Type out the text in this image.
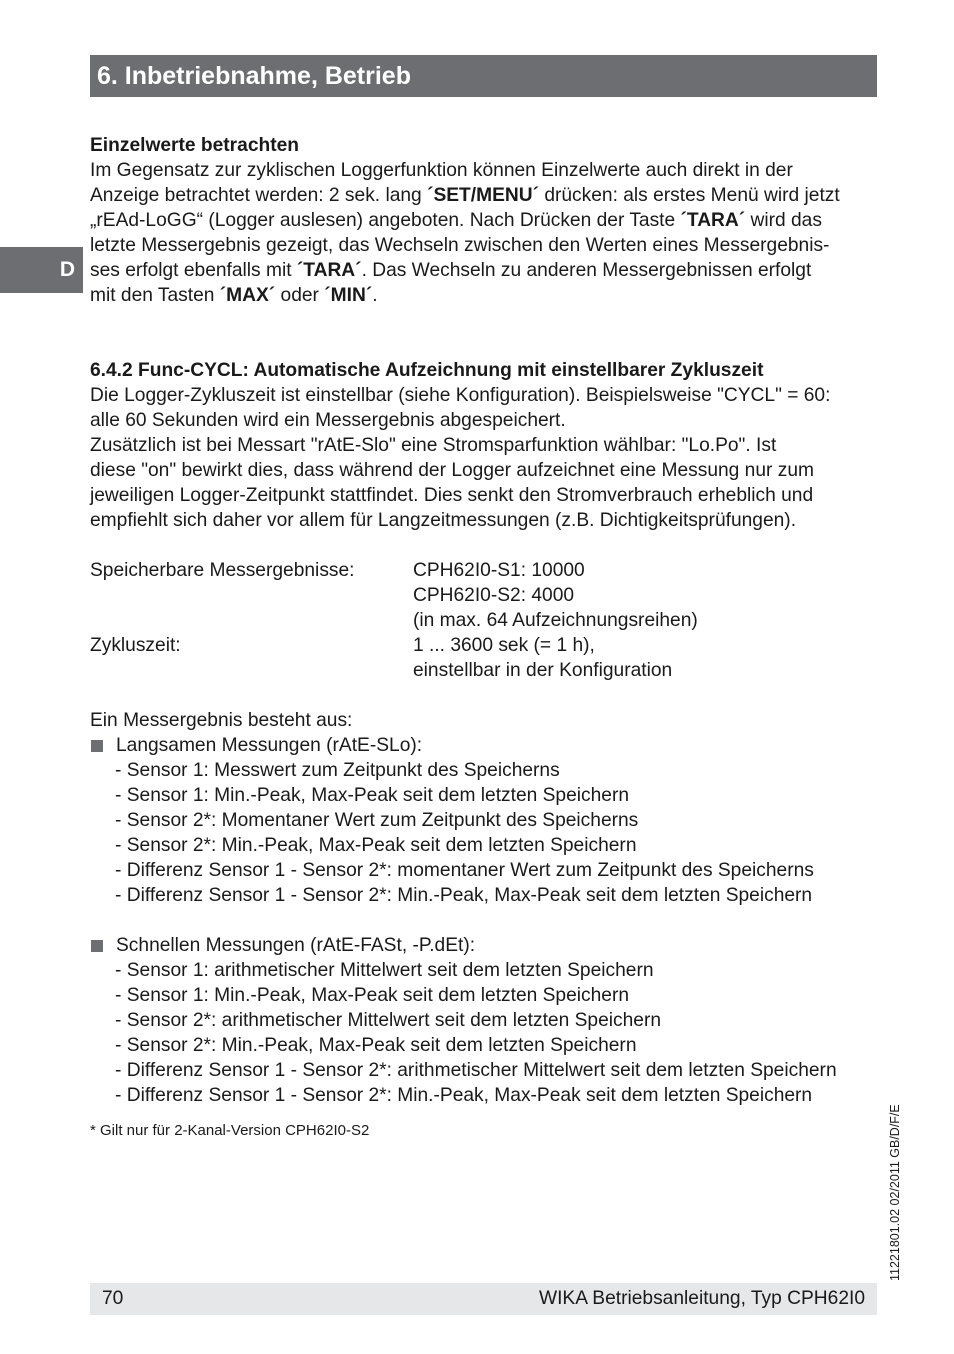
6. Inbetriebnahme, Betrieb
D

Einzelwerte betrachten

Im Gegensatz zur zyklischen Loggerfunktion können Einzelwerte auch direkt in der

Anzeige betrachtet werden: 2 sek. lang ´SET/MENU´ drücken: als erstes Menü wird jetzt

„rEAd-LoGG“ (Logger auslesen) angeboten. Nach Drücken der Taste ´TARA´ wird das

letzte Messergebnis gezeigt, das Wechseln zwischen den Werten eines Messergebnis-

ses erfolgt ebenfalls mit ´TARA´. Das Wechseln zu anderen Messergebnissen erfolgt

mit den Tasten ´MAX´ oder ´MIN´.

6.4.2 Func-CYCL: Automatische Aufzeichnung mit einstellbarer Zykluszeit

Die Logger-Zykluszeit ist einstellbar (siehe Konfiguration). Beispielsweise "CYCL" = 60:

alle 60 Sekunden wird ein Messergebnis abgespeichert.

Zusätzlich ist bei Messart "rAtE-Slo" eine Stromsparfunktion wählbar: "Lo.Po". Ist

diese "on" bewirkt dies, dass während der Logger aufzeichnet eine Messung nur zum

jeweiligen Logger-Zeitpunkt stattfindet. Dies senkt den Stromverbrauch erheblich und

empfiehlt sich daher vor allem für Langzeitmessungen (z.B. Dichtigkeitsprüfungen).

Speicherbare Messergebnisse:	CPH62I0-S1: 10000
CPH62I0-S2: 4000
(in max. 64 Aufzeichnungsreihen)
Zykluszeit:	1 ... 3600 sek (= 1 h),
einstellbar in der Konfiguration

Ein Messergebnis besteht aus:

Langsamen Messungen (rAtE-SLo):
- Sensor 1: Messwert zum Zeitpunkt des Speicherns
- Sensor 1: Min.-Peak, Max-Peak seit dem letzten Speichern
- Sensor 2*: Momentaner Wert zum Zeitpunkt des Speicherns
- Sensor 2*: Min.-Peak, Max-Peak seit dem letzten Speichern
- Differenz Sensor 1 - Sensor 2*: momentaner Wert zum Zeitpunkt des Speicherns
- Differenz Sensor 1 - Sensor 2*: Min.-Peak, Max-Peak seit dem letzten Speichern
Schnellen Messungen (rAtE-FASt, -P.dEt):
- Sensor 1: arithmetischer Mittelwert seit dem letzten Speichern
- Sensor 1: Min.-Peak, Max-Peak seit dem letzten Speichern
- Sensor 2*: arithmetischer Mittelwert seit dem letzten Speichern
- Sensor 2*: Min.-Peak, Max-Peak seit dem letzten Speichern
- Differenz Sensor 1 - Sensor 2*: arithmetischer Mittelwert seit dem letzten Speichern
- Differenz Sensor 1 - Sensor 2*: Min.-Peak, Max-Peak seit dem letzten Speichern

* Gilt nur für 2-Kanal-Version CPH62I0-S2	11221801.02 02/2011 GB/D/F/E
70	WIKA Betriebsanleitung, Typ CPH62I0
